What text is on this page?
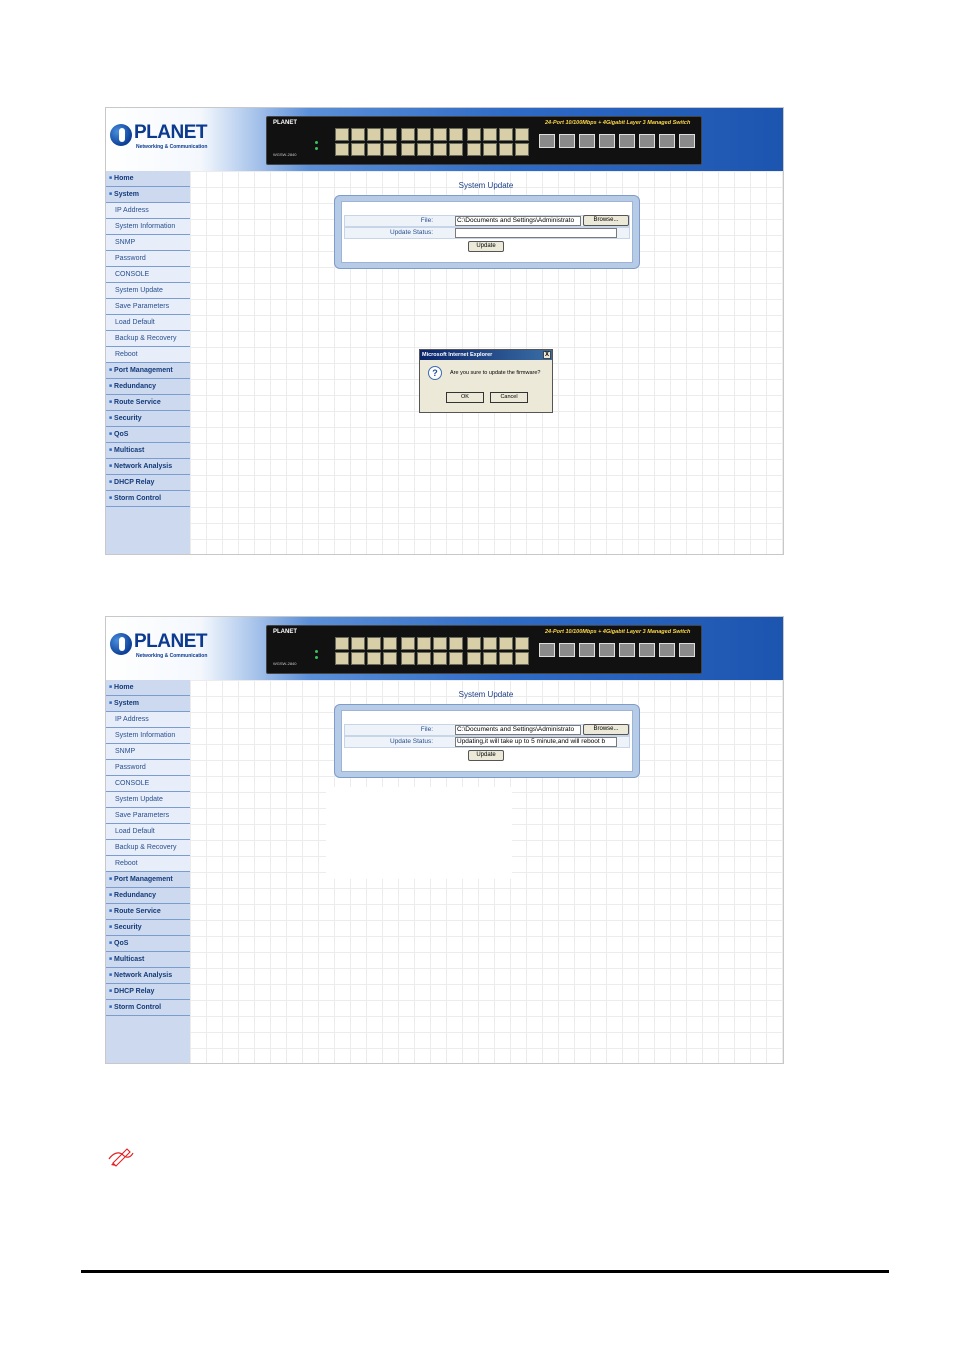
PLANET
Networking & Communication
PLANET
WGSW-2840
24-Port 10/100Mbps + 4Gigabit Layer 3 Managed Switch
■ Home
■ System
IP Address
System Information
SNMP
Password
CONSOLE
System Update
Save Parameters
Load Default
Backup & Recovery
Reboot
■ Port Management
■ Redundancy
■ Route Service
■ Security
■ QoS
■ Multicast
■ Network Analysis
■ DHCP Relay
■ Storm Control
System Update
File:	C:\Documents and Settings\Administrato	Browse...
Update Status:
Update
Microsoft Internet Explorer	X
?	Are you sure to update the firmware?
OK	Cancel
PLANET
Networking & Communication
PLANET
WGSW-2840
24-Port 10/100Mbps + 4Gigabit Layer 3 Managed Switch
■ Home
■ System
IP Address
System Information
SNMP
Password
CONSOLE
System Update
Save Parameters
Load Default
Backup & Recovery
Reboot
■ Port Management
■ Redundancy
■ Route Service
■ Security
■ QoS
■ Multicast
■ Network Analysis
■ DHCP Relay
■ Storm Control
System Update
File:	C:\Documents and Settings\Administrato	Browse...
Update Status:	Updating,it will take up to 5 minute,and will reboot b
Update
